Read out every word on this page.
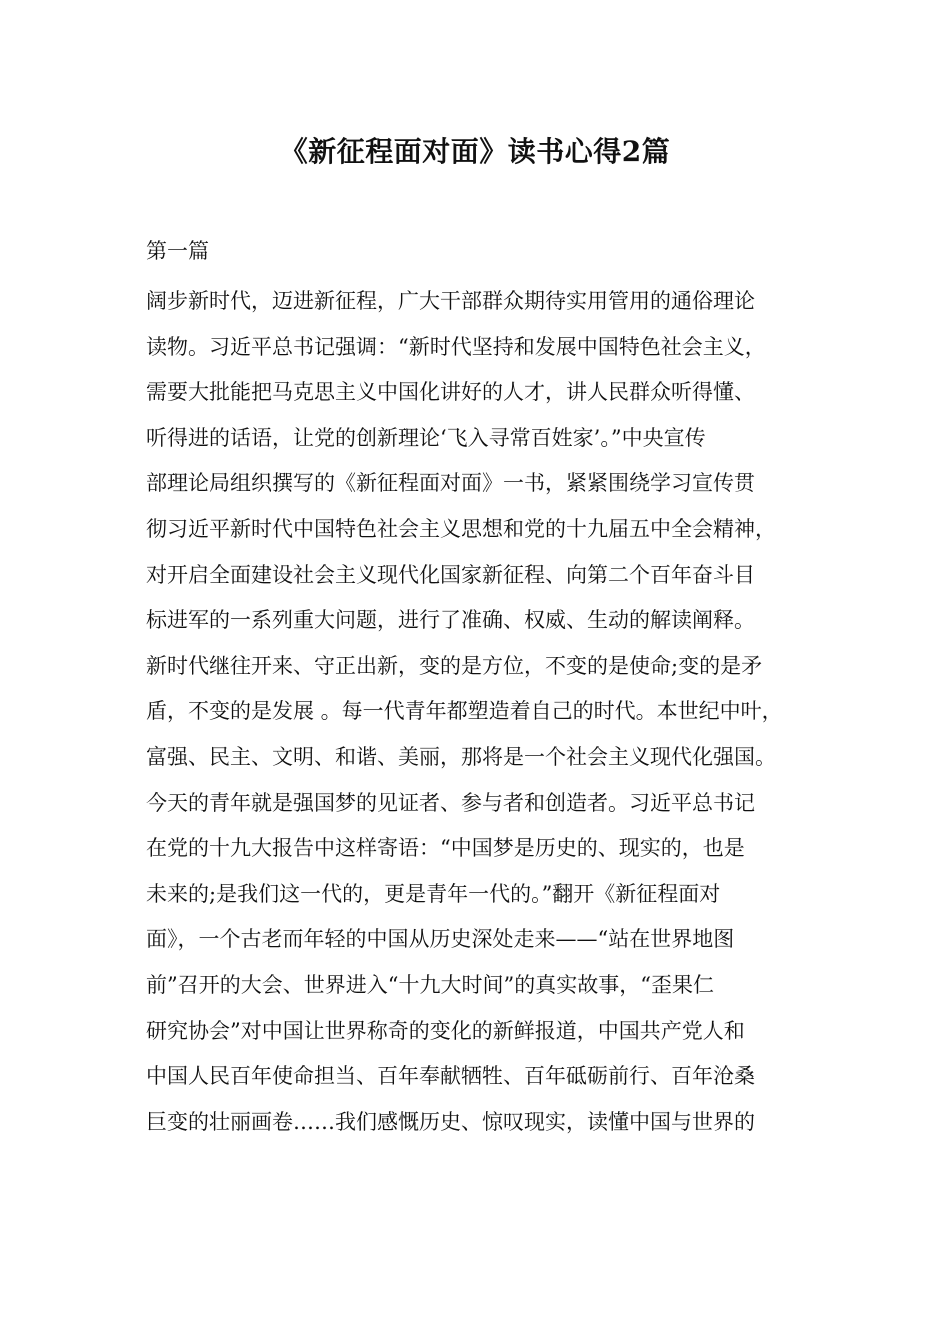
《新征程面对面》读书心得2篇

第一篇

阔步新时代，迈进新征程，广大干部群众期待实用管用的通俗理论
读物。习近平总书记强调：“新时代坚持和发展中国特色社会主义，
需要大批能把马克思主义中国化讲好的人才，讲人民群众听得懂、
听得进的话语，让党的创新理论‘飞入寻常百姓家’。”中央宣传
部理论局组织撰写的《新征程面对面》一书，紧紧围绕学习宣传贯
彻习近平新时代中国特色社会主义思想和党的十九届五中全会精神，
对开启全面建设社会主义现代化国家新征程、向第二个百年奋斗目
标进军的一系列重大问题，进行了准确、权威、生动的解读阐释。
新时代继往开来、守正出新，变的是方位，不变的是使命;变的是矛
盾，不变的是发展 。每一代青年都塑造着自己的时代。本世纪中叶，
富强、民主、文明、和谐、美丽，那将是一个社会主义现代化强国。
今天的青年就是强国梦的见证者、参与者和创造者。习近平总书记
在党的十九大报告中这样寄语：“中国梦是历史的、现实的，也是
未来的;是我们这一代的，更是青年一代的。”翻开《新征程面对
面》，一个古老而年轻的中国从历史深处走来——“站在世界地图
前”召开的大会、世界进入“十九大时间”的真实故事，“歪果仁
研究协会”对中国让世界称奇的变化的新鲜报道，中国共产党人和
中国人民百年使命担当、百年奉献牺牲、百年砥砺前行、百年沧桑
巨变的壮丽画卷……我们感慨历史、惊叹现实，读懂中国与世界的
